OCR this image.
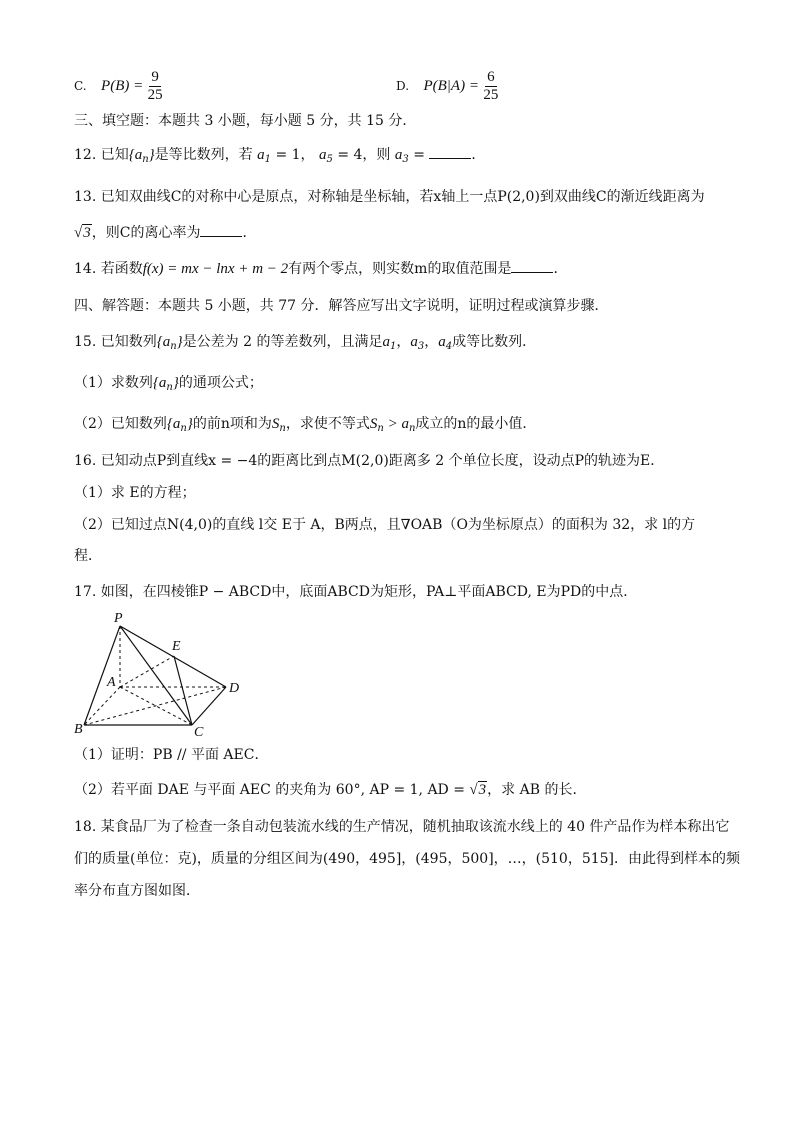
C. $P(B) = \frac{9}{25}$	D. $P(B|A) = \frac{6}{25}$
三、填空题：本题共 3 小题，每小题 5 分，共 15 分．
12. 已知$\{a_n\}$是等比数列，若 $a_1 = 1$， $a_5 = 4$，则 $a_3$ =	．
13. 已知双曲线C的对称中心是原点，对称轴是坐标轴，若x轴上一点P(2,0)到双曲线C的渐近线距离为
√3，则C的离心率为	．
14. 若函数f(x) = mx − lnx + m − 2有两个零点，则实数m的取值范围是	．
四、解答题：本题共 5 小题，共 77 分．解答应写出文字说明，证明过程或演算步骤．
15. 已知数列$\{a_n\}$是公差为 2 的等差数列，且满足$a_1$，$a_3$，$a_4$成等比数列．
（1）求数列$\{a_n\}$的通项公式；
（2）已知数列$\{a_n\}$的前n项和为$S_n$，求使不等式$S_n > a_n$成立的n的最小值．
16. 已知动点P到直线x = −4的距离比到点M(2,0)距离多 2 个单位长度，设动点P的轨迹为E．
（1）求 E的方程；
（2）已知过点N(4,0)的直线 l交 E于 A，B两点，且∇OAB（O为坐标原点）的面积为 32，求 l的方
程．
17. 如图，在四棱锥P − ABCD中，底面ABCD为矩形，PA⊥平面ABCD, E为PD的中点．
P
E
A	D
B	C
（1）证明：PB // 平面 AEC．
（2）若平面 DAE 与平面 AEC 的夹角为 60°, AP = 1, AD = √3，求 AB 的长．
18. 某食品厂为了检查一条自动包装流水线的生产情况，随机抽取该流水线上的 40 件产品作为样本称出它
们的质量(单位：克)，质量的分组区间为(490，495]，(495，500]，…，(510，515]．由此得到样本的频
率分布直方图如图．
